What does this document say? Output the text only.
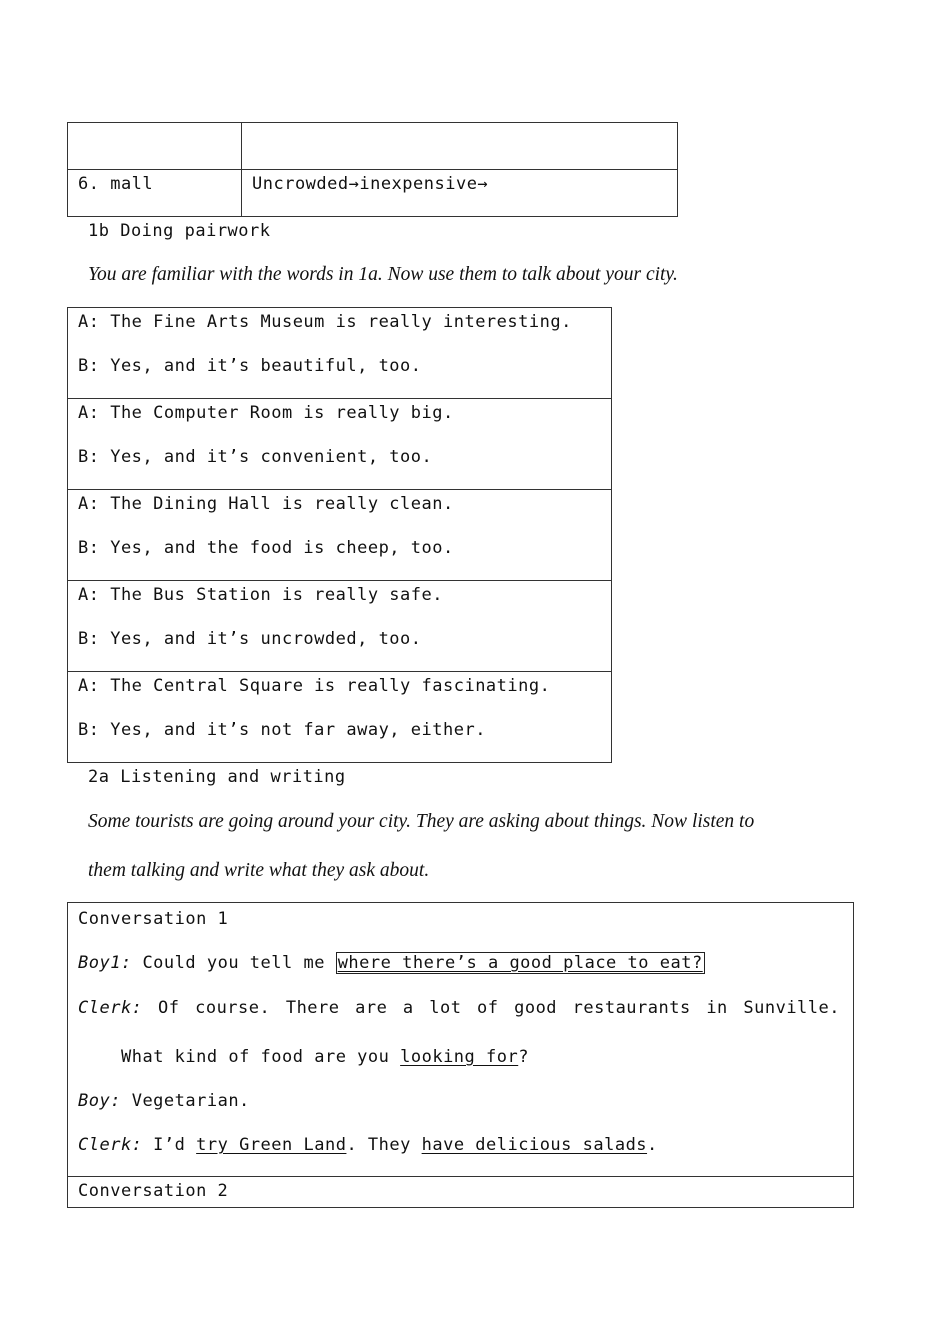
6. mall	Uncrowded→inexpensive→
1b Doing pairwork
You are familiar with the words in 1a. Now use them to talk about your city.
A: The Fine Arts Museum is really interesting.
B: Yes, and it’s beautiful, too.

A: The Computer Room is really big.
B: Yes, and it’s convenient, too.

A: The Dining Hall is really clean.
B: Yes, and the food is cheep, too.

A: The Bus Station is really safe.
B: Yes, and it’s uncrowded, too.

A: The Central Square is really fascinating.
B: Yes, and it’s not far away, either.
2a Listening and writing
Some tourists are going around your city. They are asking about things. Now listen to
them talking and write what they ask about.
Conversation 1
Boy1: Could you tell me where there’s a good place to eat?
Clerk: Of course. There are a lot of good restaurants in Sunville.
What kind of food are you looking for?
Boy: Vegetarian.
Clerk: I’d try Green Land. They have delicious salads.

Conversation 2
